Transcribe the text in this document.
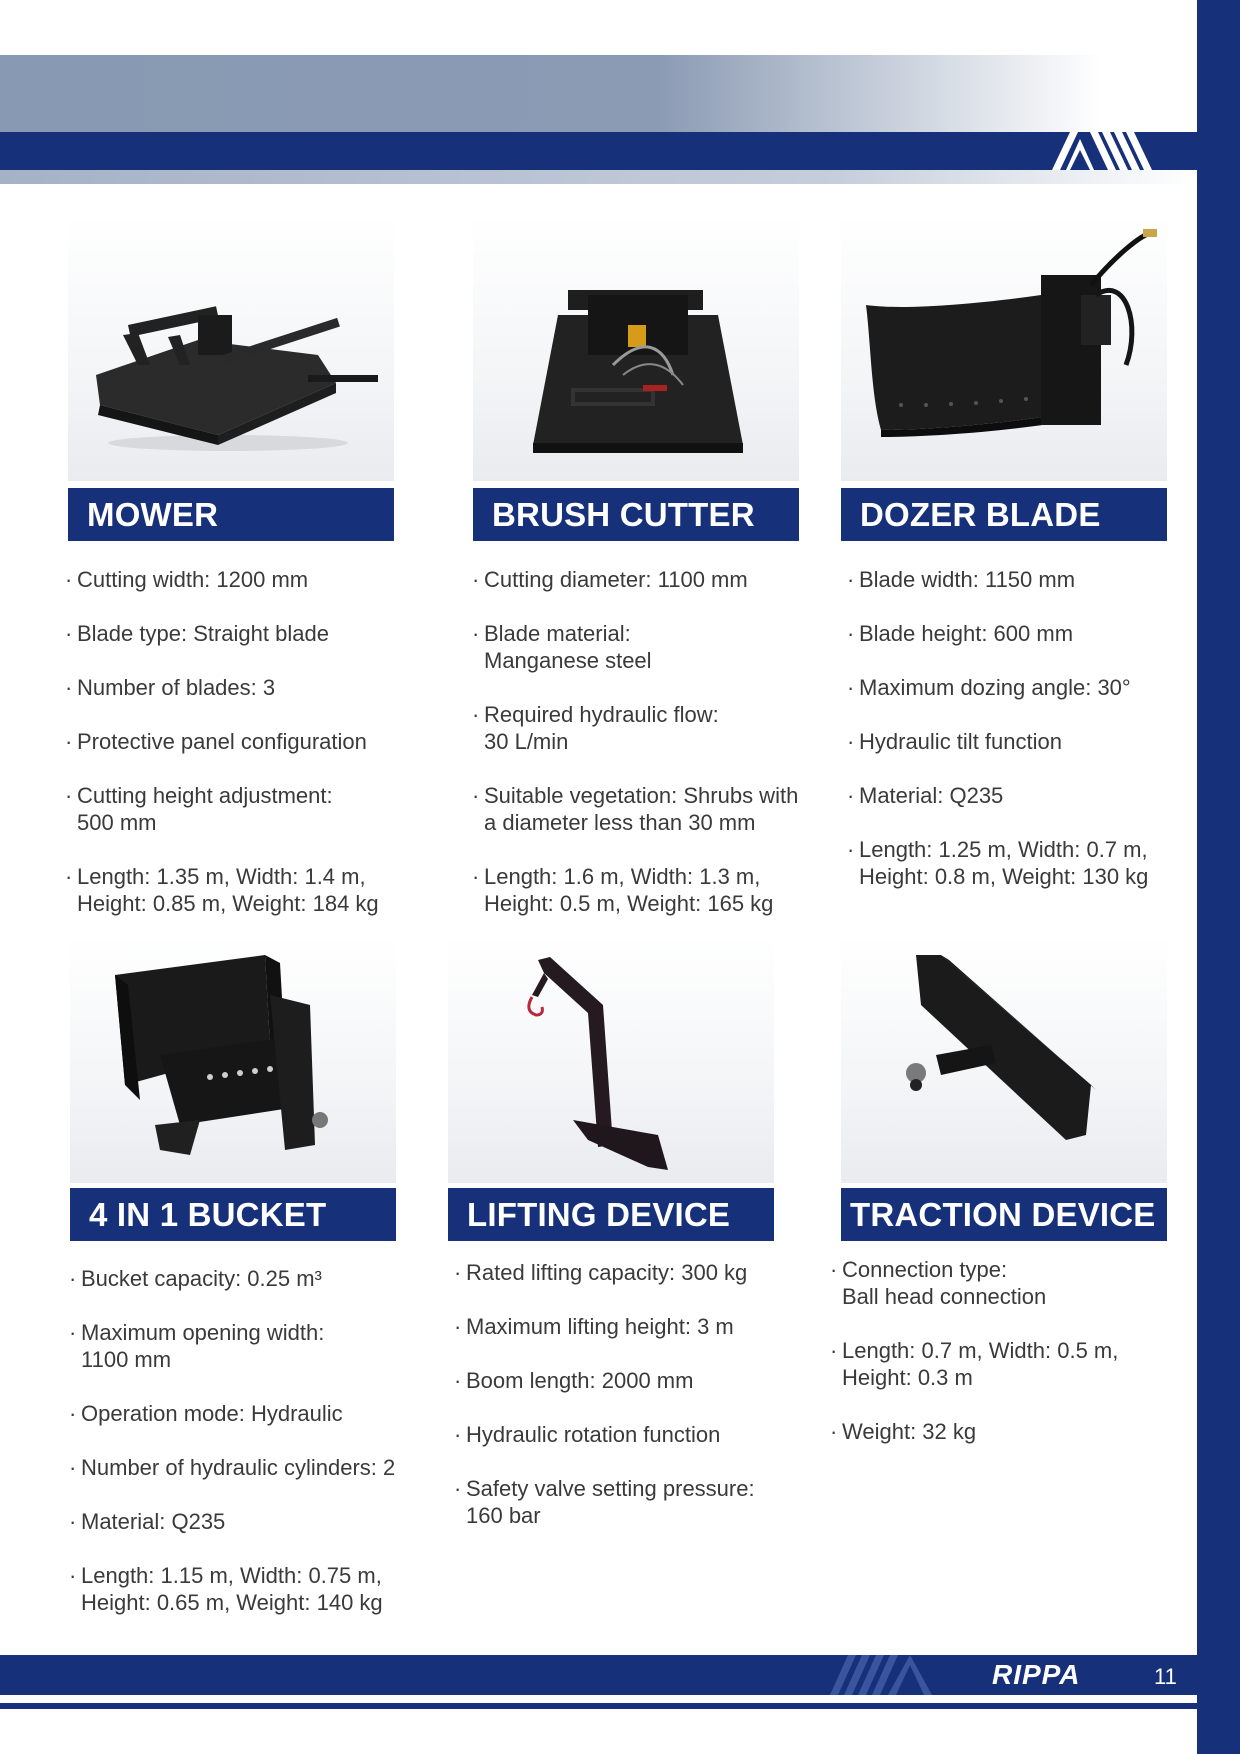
MOWER
· Cutting width: 1200 mm
· Blade type: Straight blade
· Number of blades: 3
· Protective panel configuration
· Cutting height adjustment:
500 mm
· Length: 1.35 m, Width: 1.4 m,
Height: 0.85 m, Weight: 184 kg
BRUSH CUTTER
· Cutting diameter: 1100 mm
· Blade material:
Manganese steel
· Required hydraulic flow:
30 L/min
· Suitable vegetation: Shrubs with
a diameter less than 30 mm
· Length: 1.6 m, Width: 1.3 m,
Height: 0.5 m, Weight: 165 kg
DOZER BLADE
· Blade width: 1150 mm
· Blade height: 600 mm
· Maximum dozing angle: 30°
· Hydraulic tilt function
· Material: Q235
· Length: 1.25 m, Width: 0.7 m,
Height: 0.8 m, Weight: 130 kg
4 IN 1 BUCKET
· Bucket capacity: 0.25 m³
· Maximum opening width:
1100 mm
· Operation mode: Hydraulic
· Number of hydraulic cylinders: 2
· Material: Q235
· Length: 1.15 m, Width: 0.75 m,
Height: 0.65 m, Weight: 140 kg
LIFTING DEVICE
· Rated lifting capacity: 300 kg
· Maximum lifting height: 3 m
· Boom length: 2000 mm
· Hydraulic rotation function
· Safety valve setting pressure:
160 bar
TRACTION DEVICE
· Connection type:
Ball head connection
· Length: 0.7 m, Width: 0.5 m,
Height: 0.3 m
· Weight: 32 kg
RIPPA	11
